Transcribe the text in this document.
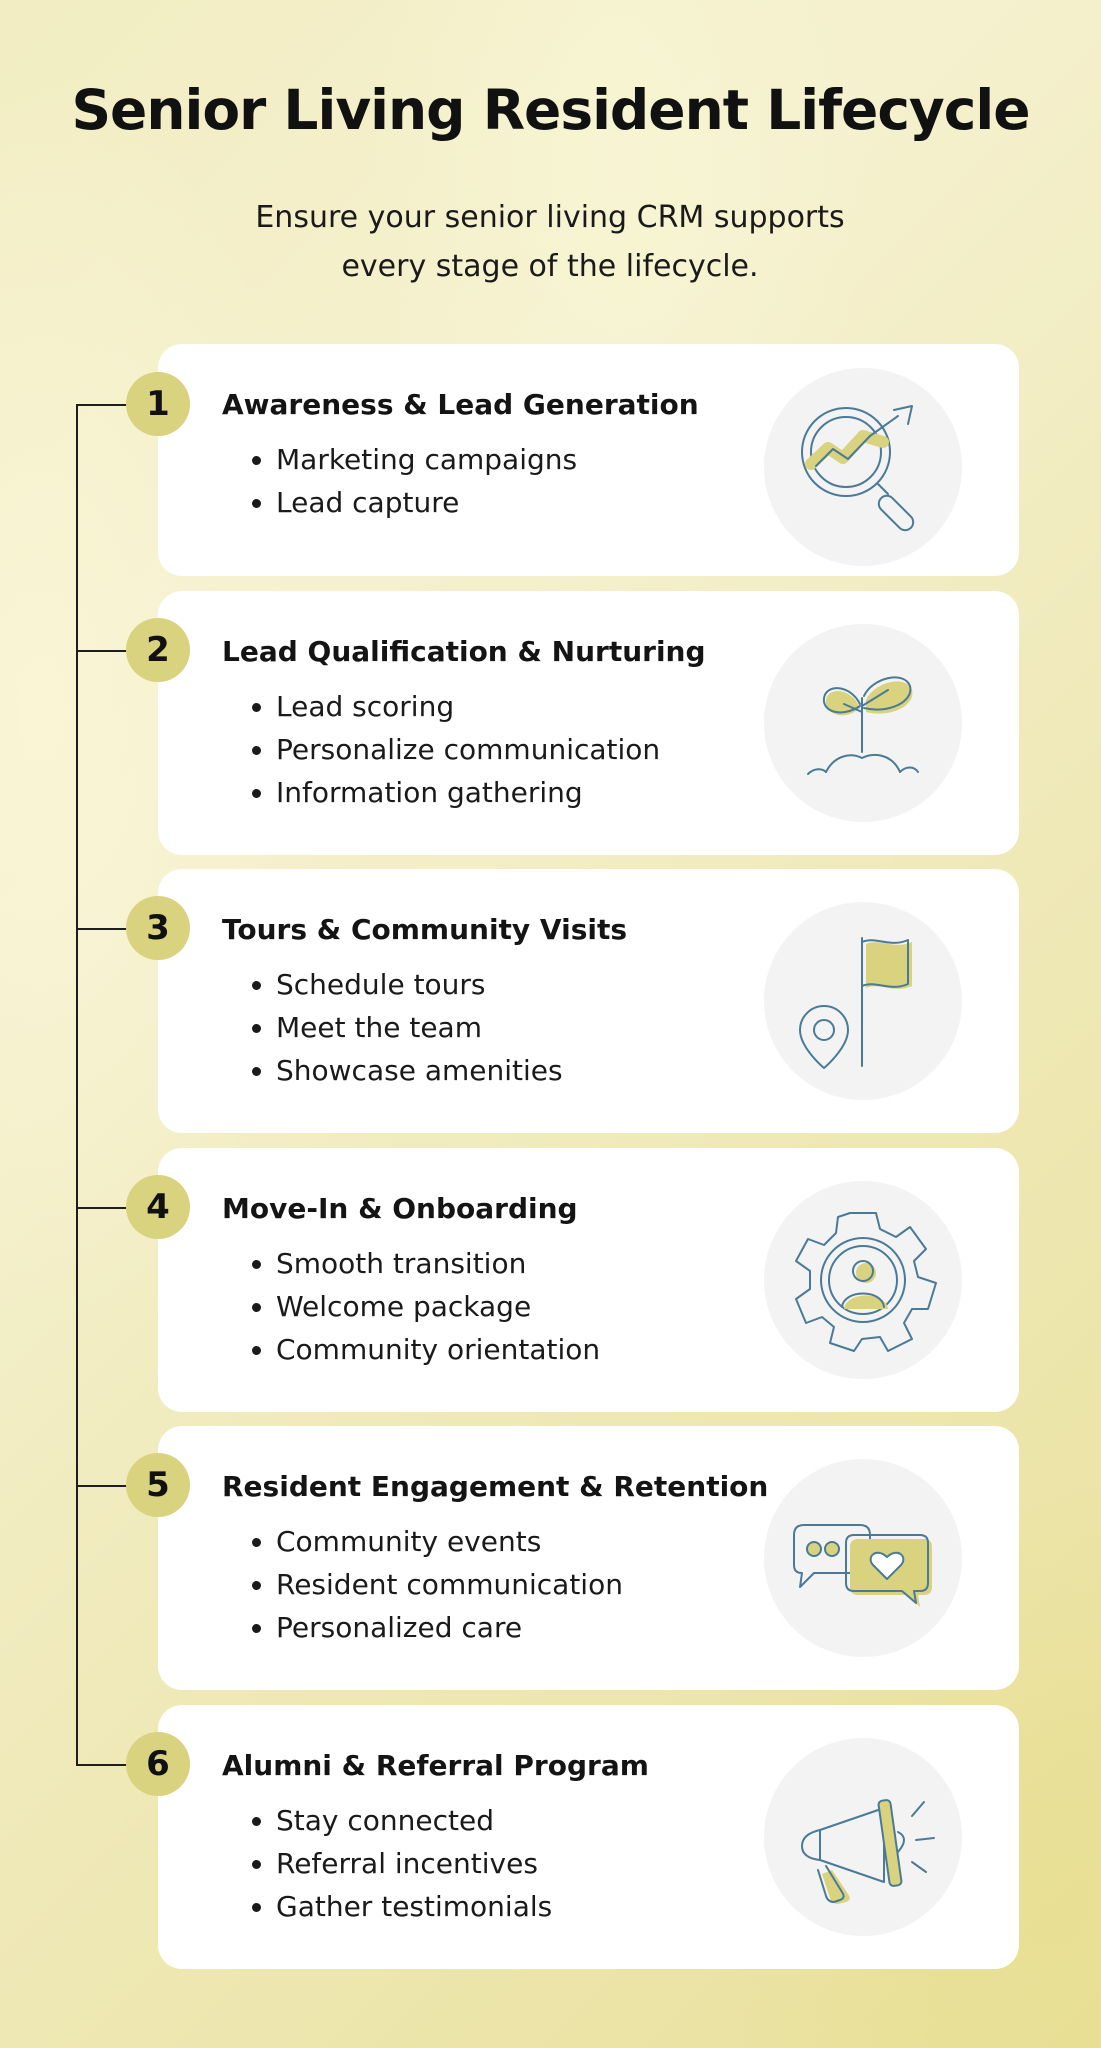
Senior Living Resident Lifecycle

Ensure your senior living CRM supports
every stage of the lifecycle.

Awareness & Lead Generation
• Marketing campaigns
• Lead capture
1
Lead Qualification & Nurturing
• Lead scoring
• Personalize communication
• Information gathering
2
Tours & Community Visits
• Schedule tours
• Meet the team
• Showcase amenities
3
Move-In & Onboarding
• Smooth transition
• Welcome package
• Community orientation
4
Resident Engagement & Retention
• Community events
• Resident communication
• Personalized care
5
Alumni & Referral Program
• Stay connected
• Referral incentives
• Gather testimonials
6
